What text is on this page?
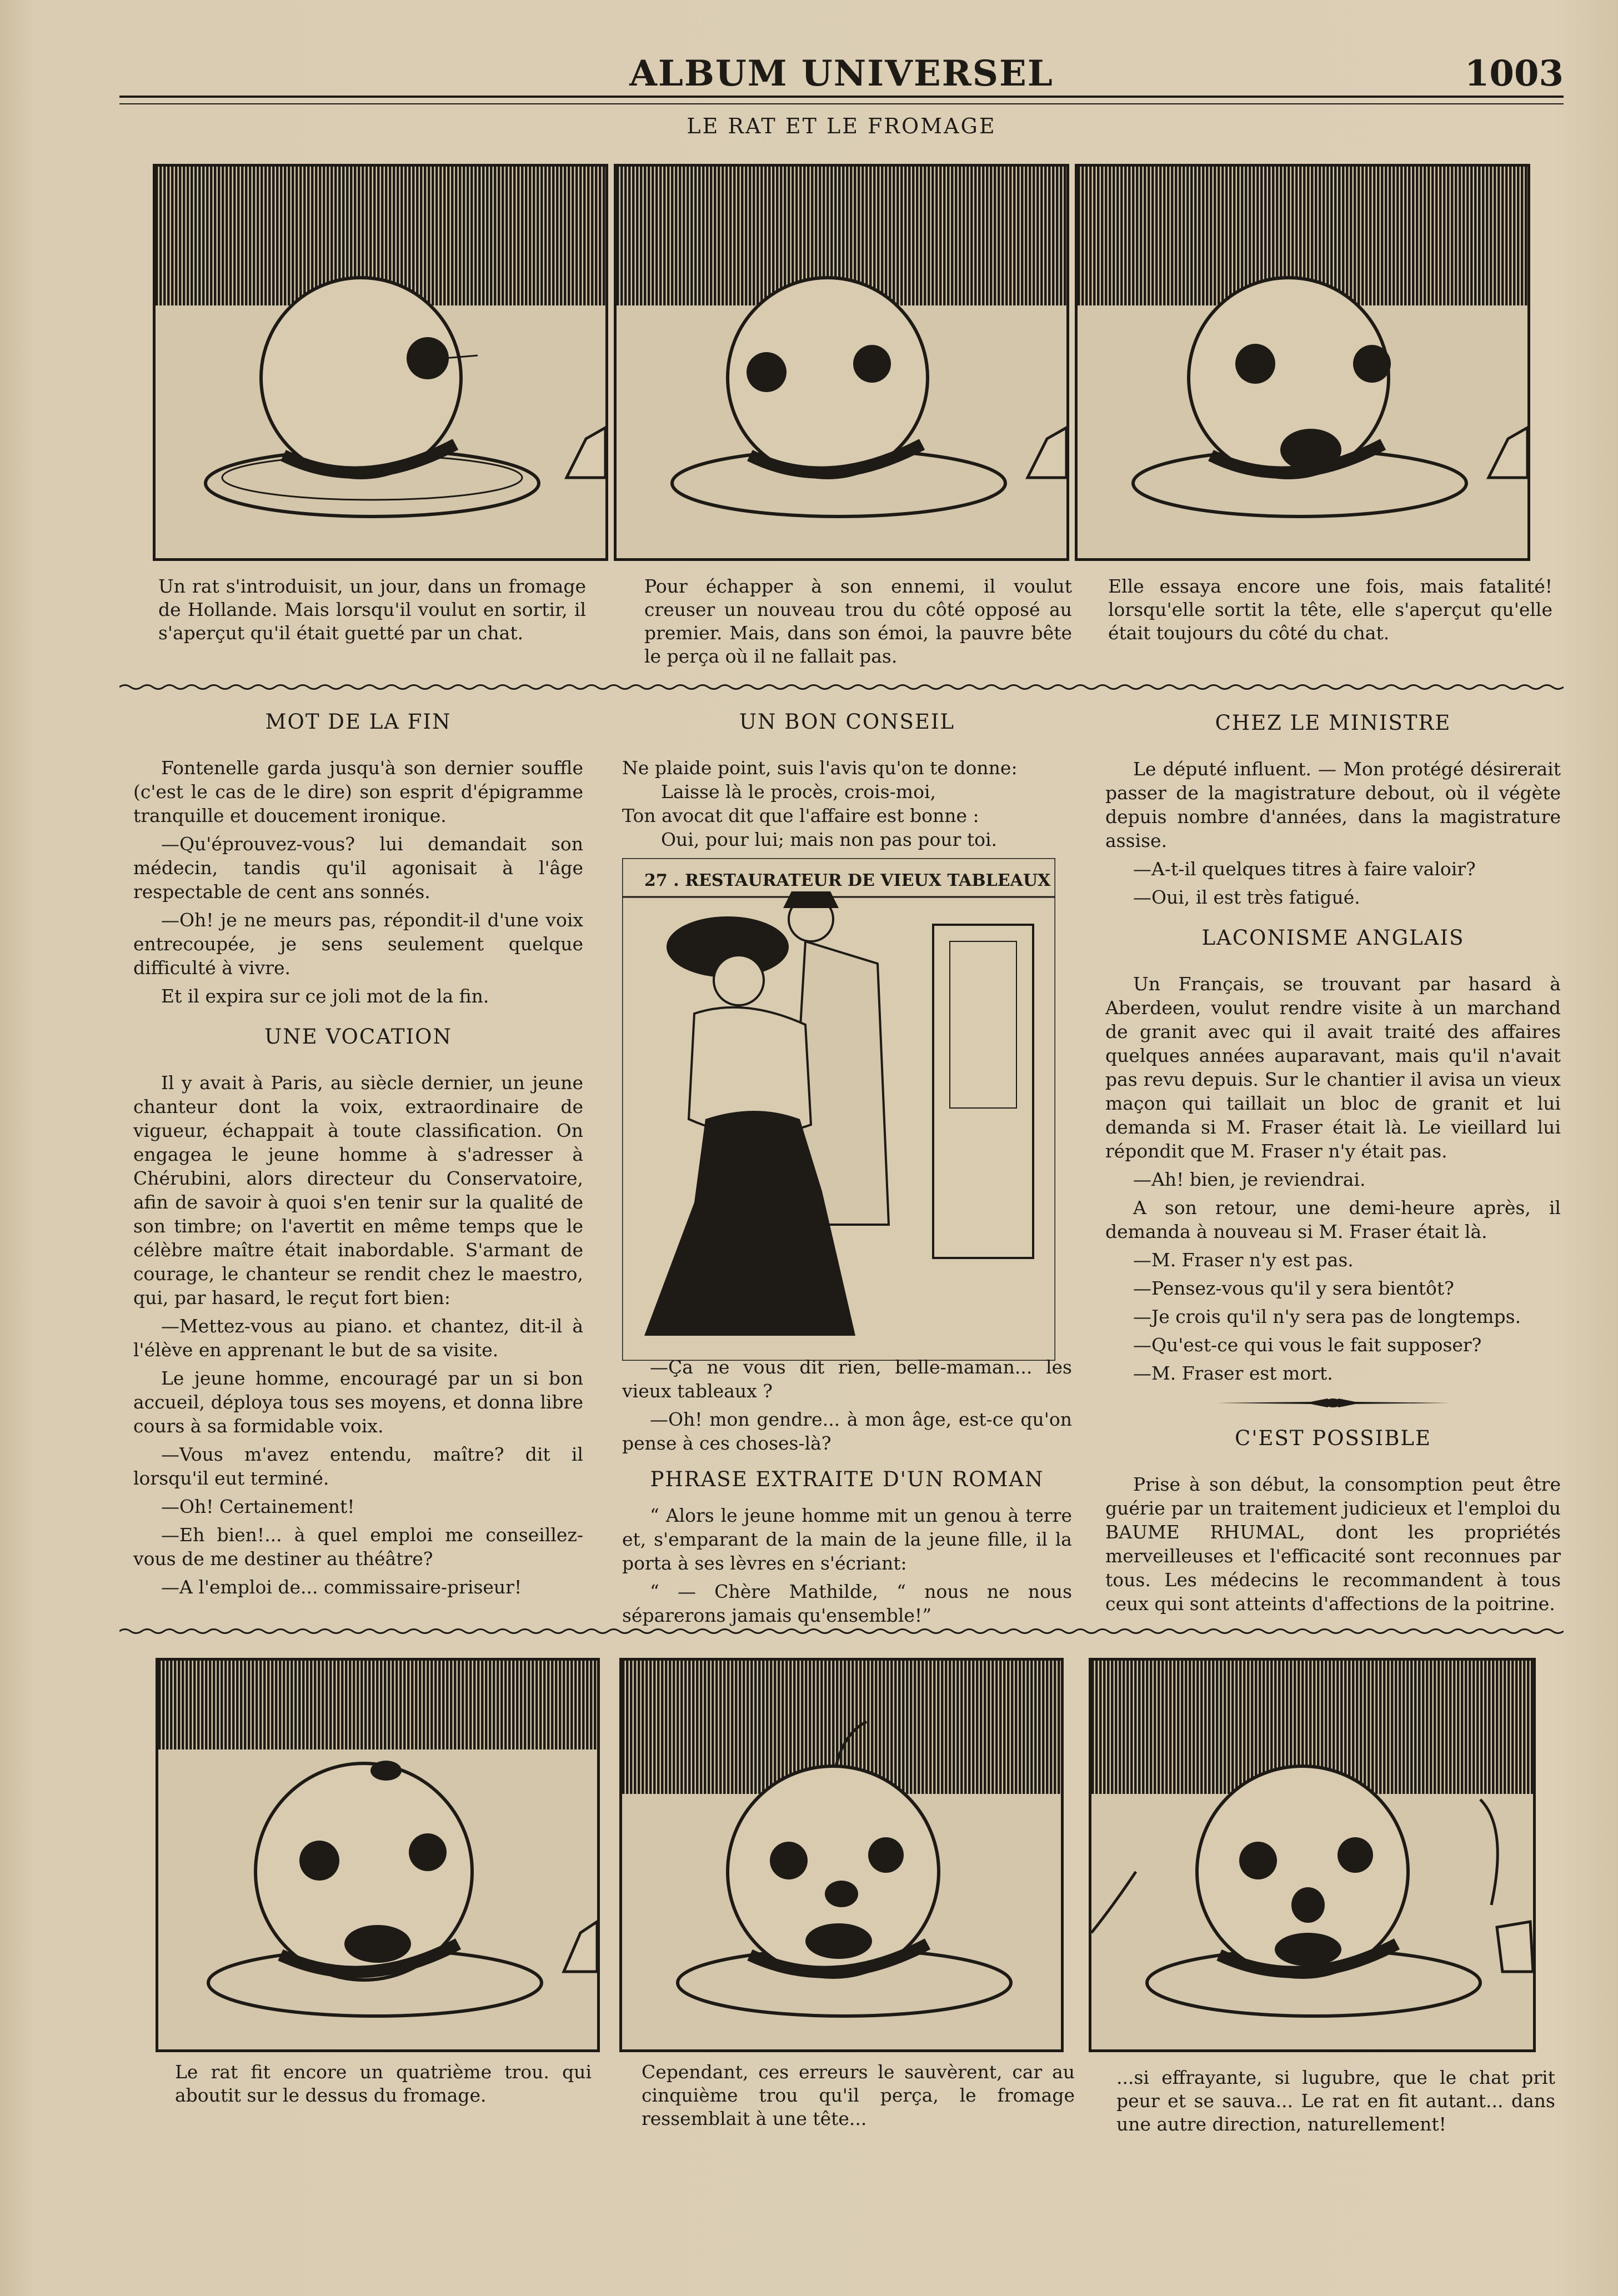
ALBUM UNIVERSEL	1003
LE RAT ET LE FROMAGE
Un rat s'introduisit, un jour, dans un fromage de Hollande. Mais lorsqu'il voulut en sortir, il s'aperçut qu'il était guetté par un chat.
Pour échapper à son ennemi, il voulut creuser un nouveau trou du côté opposé au premier. Mais, dans son émoi, la pauvre bête le perça où il ne fallait pas.
Elle essaya encore une fois, mais fatalité! lorsqu'elle sortit la tête, elle s'aperçut qu'elle était toujours du côté du chat.
MOT DE LA FIN

Fontenelle garda jusqu'à son dernier souffle (c'est le cas de le dire) son esprit d'épigramme tranquille et doucement ironique.

—Qu'éprouvez-vous? lui demandait son médecin, tandis qu'il agonisait à l'âge respectable de cent ans sonnés.

—Oh! je ne meurs pas, répondit-il d'une voix entrecoupée, je sens seulement quelque difficulté à vivre.

Et il expira sur ce joli mot de la fin.

UNE VOCATION

Il y avait à Paris, au siècle dernier, un jeune chanteur dont la voix, extraordinaire de vigueur, échappait à toute classification. On engagea le jeune homme à s'adresser à Chérubini, alors directeur du Conservatoire, afin de savoir à quoi s'en tenir sur la qualité de son timbre; on l'avertit en même temps que le célèbre maître était inabordable. S'armant de courage, le chanteur se rendit chez le maestro, qui, par hasard, le reçut fort bien:

—Mettez-vous au piano. et chantez, dit-il à l'élève en apprenant le but de sa visite.

Le jeune homme, encouragé par un si bon accueil, déploya tous ses moyens, et donna libre cours à sa formidable voix.

—Vous m'avez entendu, maître? dit il lorsqu'il eut terminé.

—Oh! Certainement!

—Eh bien!... à quel emploi me conseillez-vous de me destiner au théâtre?

—A l'emploi de... commissaire-priseur!

UN BON CONSEIL

Ne plaide point, suis l'avis qu'on te donne:

Laisse là le procès, crois-moi,

Ton avocat dit que l'affaire est bonne :

Oui, pour lui; mais non pas pour toi.

27 . RESTAURATEUR DE VIEUX TABLEAUX

—Ça ne vous dit rien, belle-maman... les vieux tableaux ?

—Oh! mon gendre... à mon âge, est-ce qu'on pense à ces choses-là?

PHRASE EXTRAITE D'UN ROMAN

“ Alors le jeune homme mit un genou à terre et, s'emparant de la main de la jeune fille, il la porta à ses lèvres en s'écriant:

“ — Chère Mathilde, “ nous ne nous séparerons jamais qu'ensemble!”

CHEZ LE MINISTRE

Le député influent. — Mon protégé désirerait passer de la magistrature debout, où il végète depuis nombre d'années, dans la magistrature assise.

—A-t-il quelques titres à faire valoir?

—Oui, il est très fatigué.

LACONISME ANGLAIS

Un Français, se trouvant par hasard à Aberdeen, voulut rendre visite à un marchand de granit avec qui il avait traité des affaires quelques années auparavant, mais qu'il n'avait pas revu depuis. Sur le chantier il avisa un vieux maçon qui taillait un bloc de granit et lui demanda si M. Fraser était là. Le vieillard lui répondit que M. Fraser n'y était pas.

—Ah! bien, je reviendrai.

A son retour, une demi-heure après, il demanda à nouveau si M. Fraser était là.

—M. Fraser n'y est pas.

—Pensez-vous qu'il y sera bientôt?

—Je crois qu'il n'y sera pas de longtemps.

—Qu'est-ce qui vous le fait supposer?

—M. Fraser est mort.

C'EST POSSIBLE

Prise à son début, la consomption peut être guérie par un traitement judicieux et l'emploi du BAUME RHUMAL, dont les propriétés merveilleuses et l'efficacité sont reconnues par tous. Les médecins le recommandent à tous ceux qui sont atteints d'affections de la poitrine.

Le rat fit encore un quatrième trou. qui aboutit sur le dessus du fromage.
Cependant, ces erreurs le sauvèrent, car au cinquième trou qu'il perça, le fromage ressemblait à une tête...
...si effrayante, si lugubre, que le chat prit peur et se sauva... Le rat en fit autant... dans une autre direction, naturellement!
